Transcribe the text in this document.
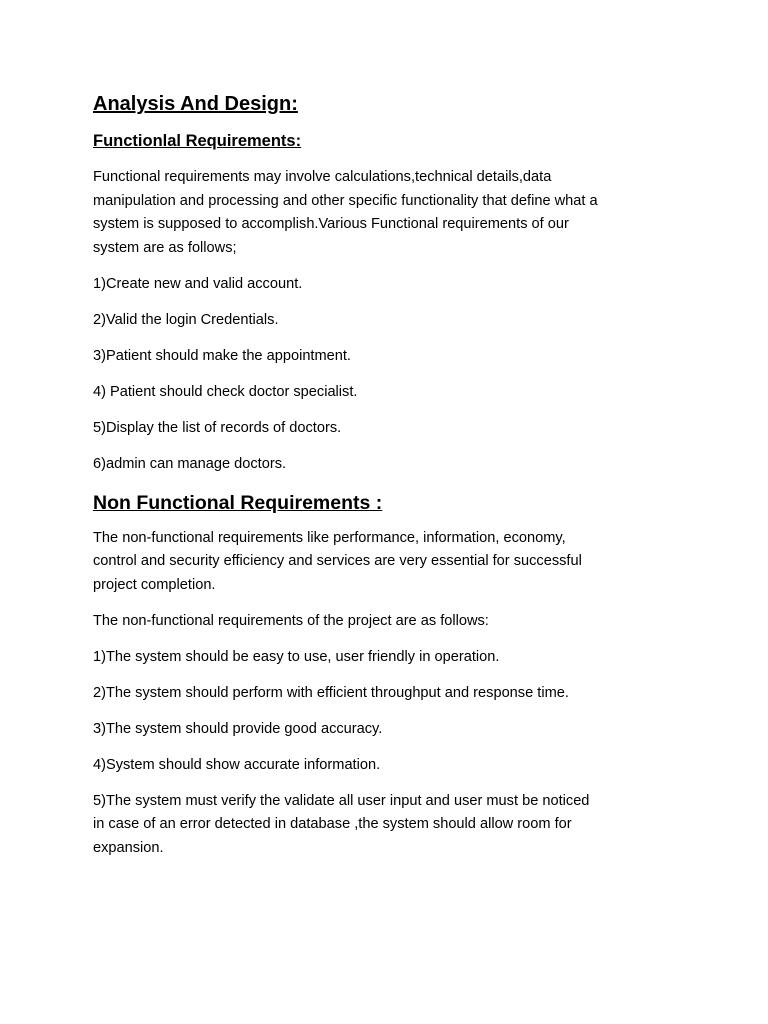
Analysis And Design:
Functionlal Requirements:
Functional requirements may involve calculations,technical details,data
manipulation and processing and other specific functionality that define what a
system is supposed to accomplish.Various Functional requirements of our
system are as follows;
1)Create new and valid account.
2)Valid the login Credentials.
3)Patient should make the appointment.
4) Patient should check doctor specialist.
5)Display the list of records of doctors.
6)admin can manage doctors.
Non Functional Requirements :
The non-functional requirements like performance, information, economy,
control and security efficiency and services are very essential for successful
project completion.
The non-functional requirements of the project are as follows:
1)The system should be easy to use, user friendly in operation.
2)The system should perform with efficient throughput and response time.
3)The system should provide good accuracy.
4)System should show accurate information.
5)The system must verify the validate all user input and user must be noticed
in case of an error detected in database ,the system should allow room for
expansion.
